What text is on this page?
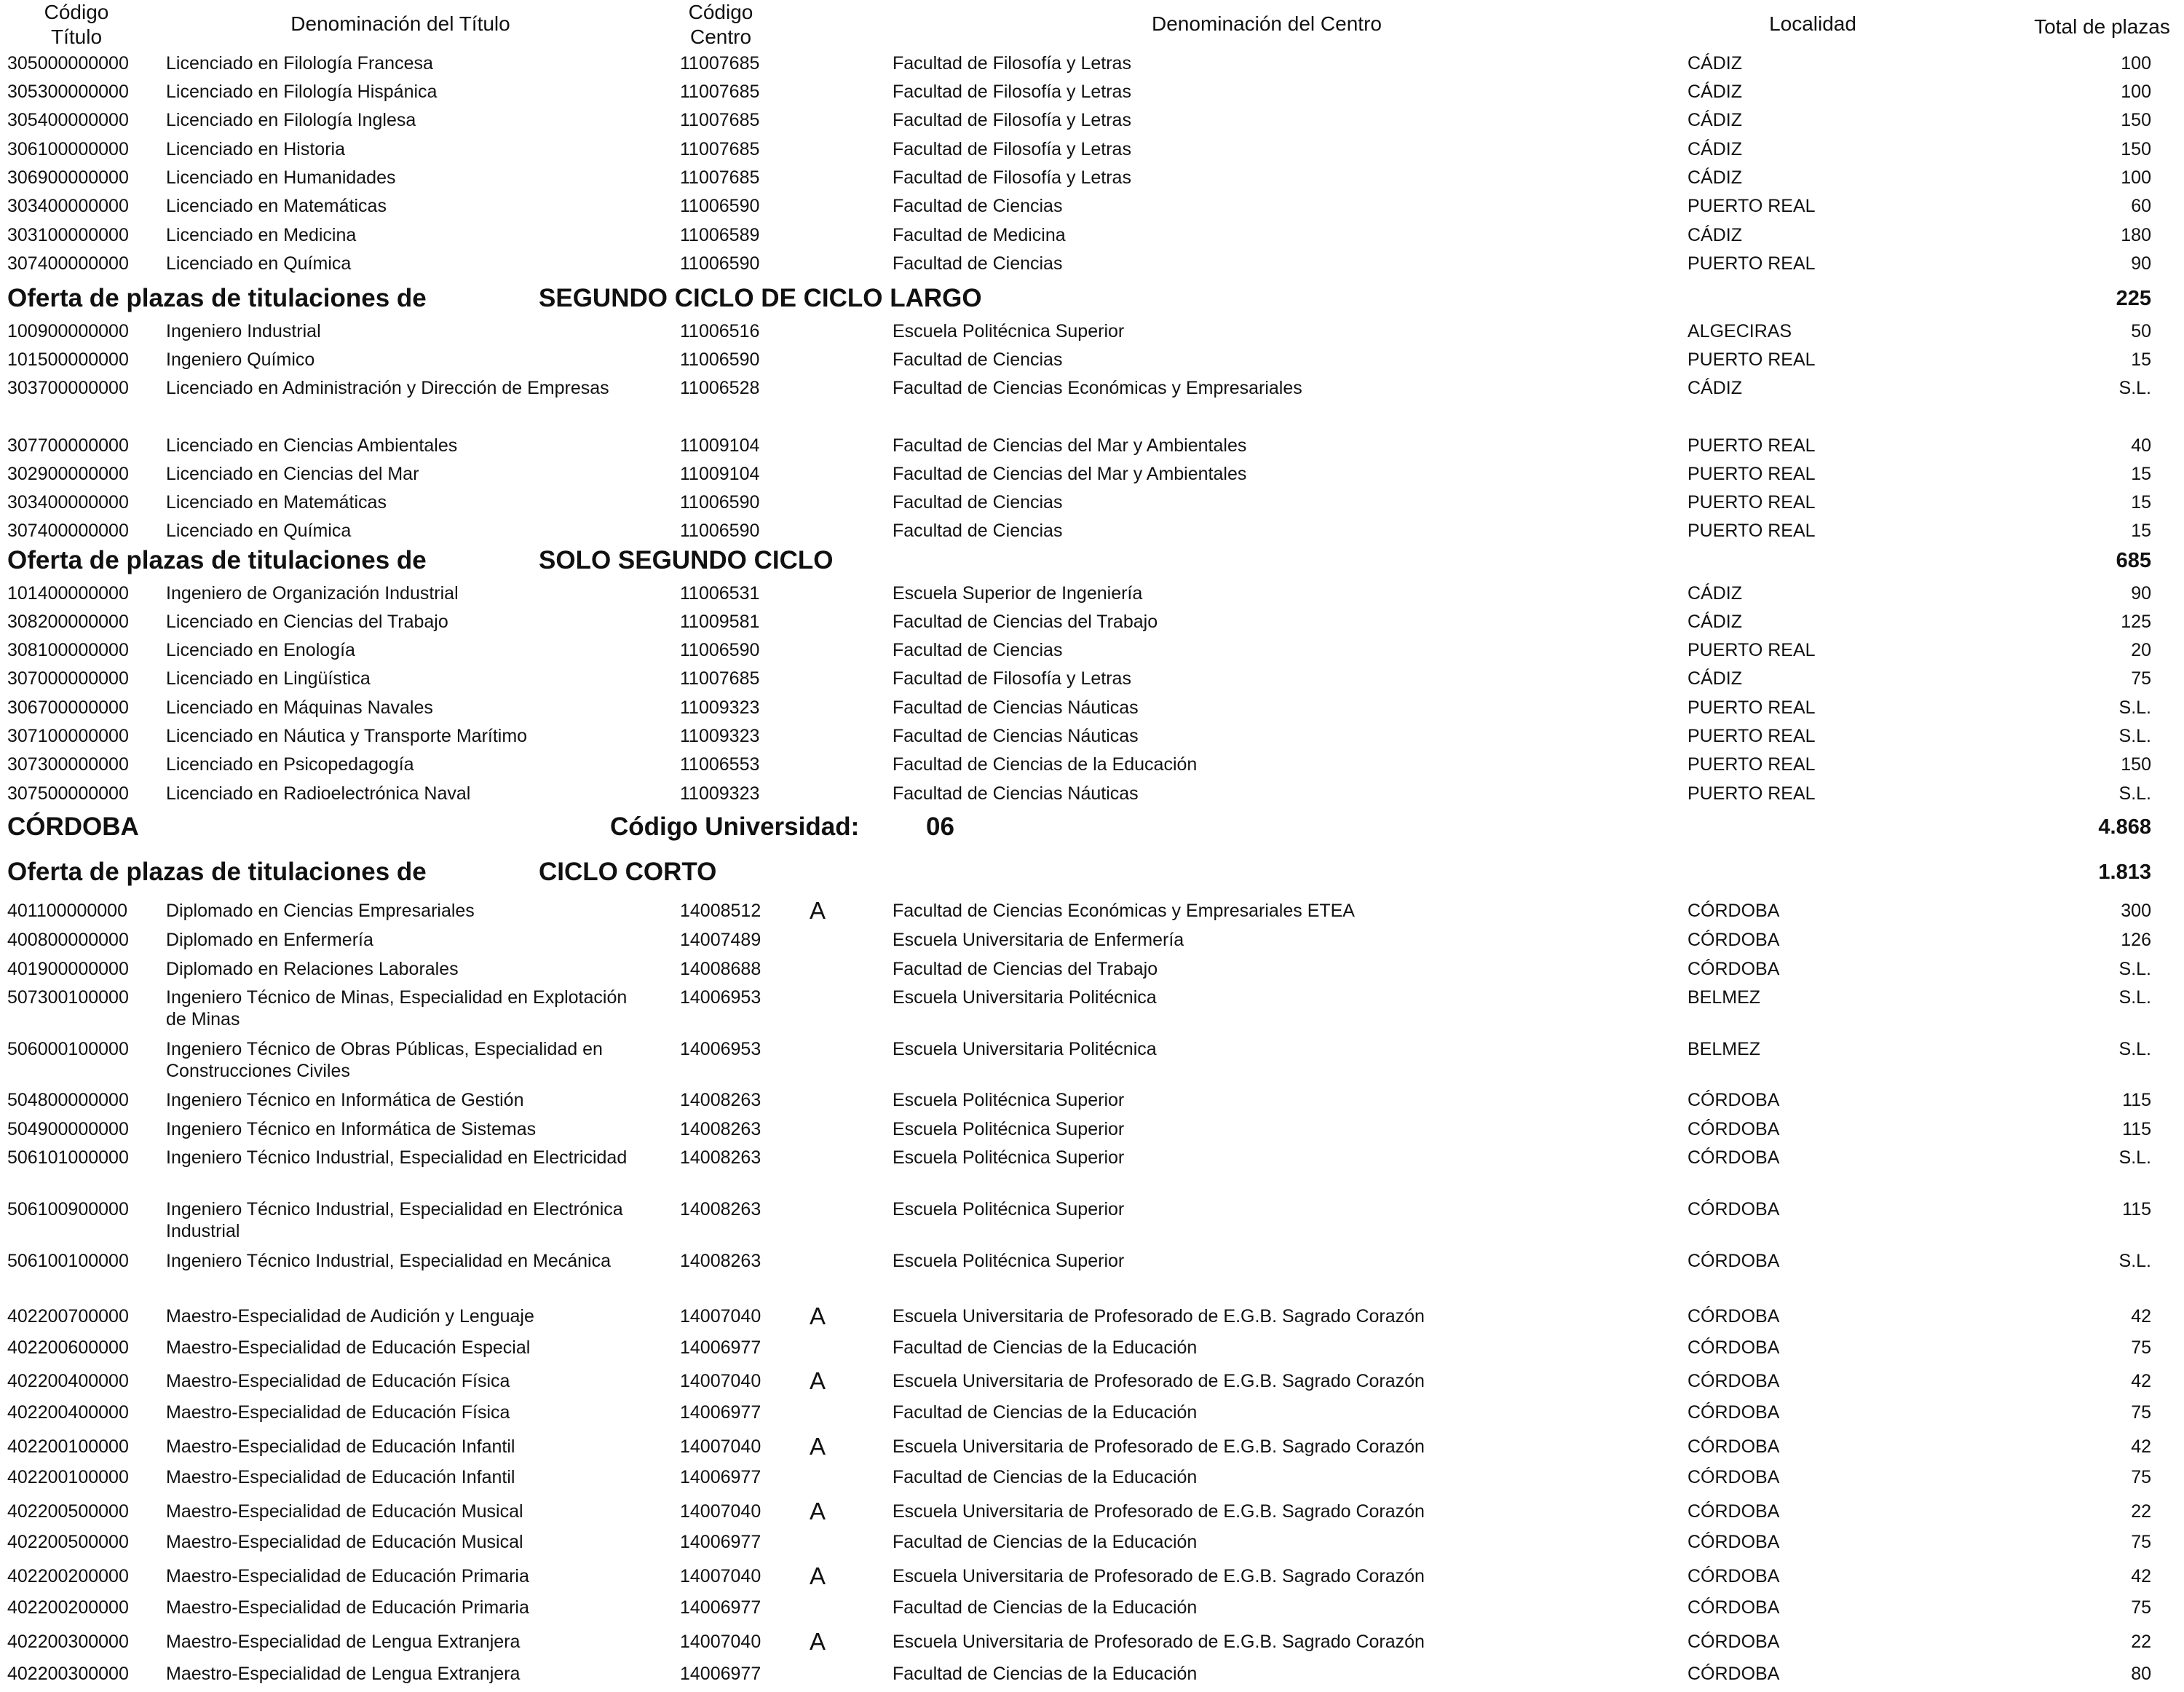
Código
Título
Denominación del Título
Código
Centro
Denominación del Centro	Localidad	Total de plazas
305000000000	Licenciado en Filología Francesa	11007685	Facultad de Filosofía y Letras	CÁDIZ	100
305300000000	Licenciado en Filología Hispánica	11007685	Facultad de Filosofía y Letras	CÁDIZ	100
305400000000	Licenciado en Filología Inglesa	11007685	Facultad de Filosofía y Letras	CÁDIZ	150
306100000000	Licenciado en Historia	11007685	Facultad de Filosofía y Letras	CÁDIZ	150
306900000000	Licenciado en Humanidades	11007685	Facultad de Filosofía y Letras	CÁDIZ	100
303400000000	Licenciado en Matemáticas	11006590	Facultad de Ciencias	PUERTO REAL	60
303100000000	Licenciado en Medicina	11006589	Facultad de Medicina	CÁDIZ	180
307400000000	Licenciado en Química	11006590	Facultad de Ciencias	PUERTO REAL	90
Oferta de plazas de titulaciones de	SEGUNDO CICLO DE CICLO LARGO	225
100900000000	Ingeniero Industrial	11006516	Escuela Politécnica Superior	ALGECIRAS	50
101500000000	Ingeniero Químico	11006590	Facultad de Ciencias	PUERTO REAL	15
303700000000	Licenciado en Administración y Dirección de Empresas	11006528	Facultad de Ciencias Económicas y Empresariales	CÁDIZ	S.L.
307700000000	Licenciado en Ciencias Ambientales	11009104	Facultad de Ciencias del Mar y Ambientales	PUERTO REAL	40
302900000000	Licenciado en Ciencias del Mar	11009104	Facultad de Ciencias del Mar y Ambientales	PUERTO REAL	15
303400000000	Licenciado en Matemáticas	11006590	Facultad de Ciencias	PUERTO REAL	15
307400000000	Licenciado en Química	11006590	Facultad de Ciencias	PUERTO REAL	15
Oferta de plazas de titulaciones de	SOLO SEGUNDO CICLO	685
101400000000	Ingeniero de Organización Industrial	11006531	Escuela Superior de Ingeniería	CÁDIZ	90
308200000000	Licenciado en Ciencias del Trabajo	11009581	Facultad de Ciencias del Trabajo	CÁDIZ	125
308100000000	Licenciado en Enología	11006590	Facultad de Ciencias	PUERTO REAL	20
307000000000	Licenciado en Lingüística	11007685	Facultad de Filosofía y Letras	CÁDIZ	75
306700000000	Licenciado en Máquinas Navales	11009323	Facultad de Ciencias Náuticas	PUERTO REAL	S.L.
307100000000	Licenciado en Náutica y Transporte Marítimo	11009323	Facultad de Ciencias Náuticas	PUERTO REAL	S.L.
307300000000	Licenciado en Psicopedagogía	11006553	Facultad de Ciencias de la Educación	PUERTO REAL	150
307500000000	Licenciado en Radioelectrónica Naval	11009323	Facultad de Ciencias Náuticas	PUERTO REAL	S.L.
CÓRDOBA	Código Universidad:	06	4.868
Oferta de plazas de titulaciones de	CICLO CORTO	1.813
401100000000	Diplomado en Ciencias Empresariales	14008512	A	Facultad de Ciencias Económicas y Empresariales ETEA	CÓRDOBA	300
400800000000	Diplomado en Enfermería	14007489	Escuela Universitaria de Enfermería	CÓRDOBA	126
401900000000	Diplomado en Relaciones Laborales	14008688	Facultad de Ciencias del Trabajo	CÓRDOBA	S.L.
507300100000	Ingeniero Técnico de Minas, Especialidad en Explotación de Minas
14006953	Escuela Universitaria Politécnica	BELMEZ	S.L.
506000100000	Ingeniero Técnico de Obras Públicas, Especialidad en Construcciones Civiles
14006953	Escuela Universitaria Politécnica	BELMEZ	S.L.
504800000000	Ingeniero Técnico en Informática de Gestión	14008263	Escuela Politécnica Superior	CÓRDOBA	115
504900000000	Ingeniero Técnico en Informática de Sistemas	14008263	Escuela Politécnica Superior	CÓRDOBA	115
506101000000	Ingeniero Técnico Industrial, Especialidad en Electricidad	14008263	Escuela Politécnica Superior	CÓRDOBA	S.L.
506100900000	Ingeniero Técnico Industrial, Especialidad en Electrónica Industrial
14008263	Escuela Politécnica Superior	CÓRDOBA	115
506100100000	Ingeniero Técnico Industrial, Especialidad en Mecánica	14008263	Escuela Politécnica Superior	CÓRDOBA	S.L.
402200700000	Maestro-Especialidad de Audición y Lenguaje	14007040	A	Escuela Universitaria de Profesorado de E.G.B. Sagrado Corazón	CÓRDOBA	42
402200600000	Maestro-Especialidad de Educación Especial	14006977	Facultad de Ciencias de la Educación	CÓRDOBA	75
402200400000	Maestro-Especialidad de Educación Física	14007040	A	Escuela Universitaria de Profesorado de E.G.B. Sagrado Corazón	CÓRDOBA	42
402200400000	Maestro-Especialidad de Educación Física	14006977	Facultad de Ciencias de la Educación	CÓRDOBA	75
402200100000	Maestro-Especialidad de Educación Infantil	14007040	A	Escuela Universitaria de Profesorado de E.G.B. Sagrado Corazón	CÓRDOBA	42
402200100000	Maestro-Especialidad de Educación Infantil	14006977	Facultad de Ciencias de la Educación	CÓRDOBA	75
402200500000	Maestro-Especialidad de Educación Musical	14007040	A	Escuela Universitaria de Profesorado de E.G.B. Sagrado Corazón	CÓRDOBA	22
402200500000	Maestro-Especialidad de Educación Musical	14006977	Facultad de Ciencias de la Educación	CÓRDOBA	75
402200200000	Maestro-Especialidad de Educación Primaria	14007040	A	Escuela Universitaria de Profesorado de E.G.B. Sagrado Corazón	CÓRDOBA	42
402200200000	Maestro-Especialidad de Educación Primaria	14006977	Facultad de Ciencias de la Educación	CÓRDOBA	75
402200300000	Maestro-Especialidad de Lengua Extranjera	14007040	A	Escuela Universitaria de Profesorado de E.G.B. Sagrado Corazón	CÓRDOBA	22
402200300000	Maestro-Especialidad de Lengua Extranjera	14006977	Facultad de Ciencias de la Educación	CÓRDOBA	80
